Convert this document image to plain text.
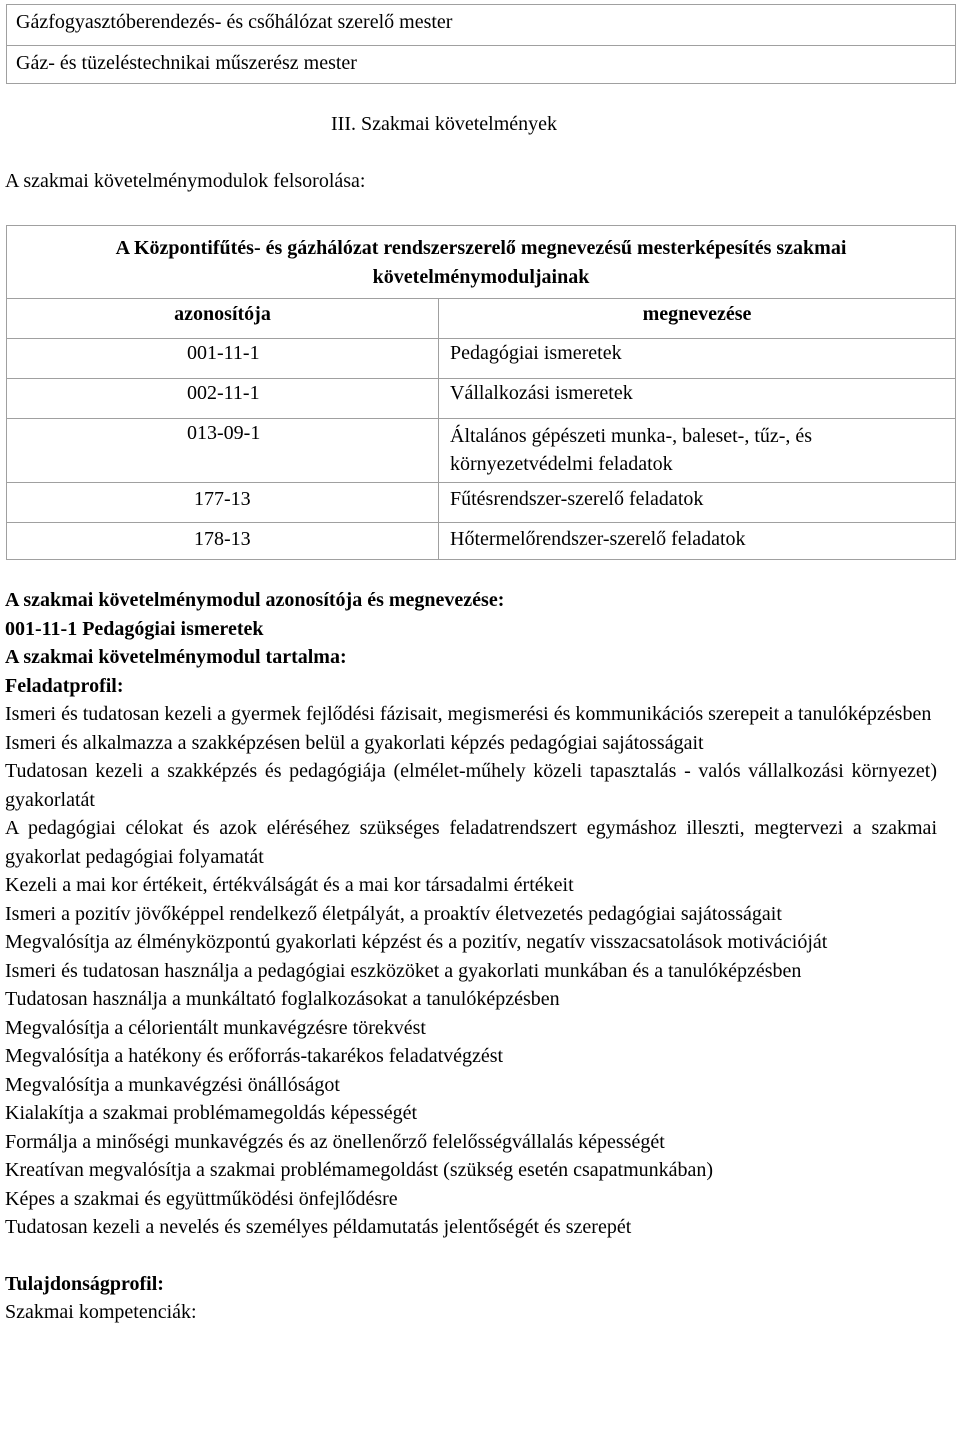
Gázfogyasztóberendezés- és csőhálózat szerelő mester
Gáz- és tüzeléstechnikai műszerész mester
III. Szakmai követelmények
A szakmai követelménymodulok felsorolása:
A Központifűtés- és gázhálózat rendszerszerelő megnevezésű mesterképesítés szakmai
követelménymoduljainak
azonosítója	megnevezése
001-11-1	Pedagógiai ismeretek
002-11-1	Vállalkozási ismeretek
013-09-1	Általános gépészeti munka-, baleset-, tűz-, és
környezetvédelmi feladatok
177-13	Fűtésrendszer-szerelő feladatok
178-13	Hőtermelőrendszer-szerelő feladatok

A szakmai követelménymodul azonosítója és megnevezése:

001-11-1 Pedagógiai ismeretek

A szakmai követelménymodul tartalma:

Feladatprofil:

Ismeri és tudatosan kezeli a gyermek fejlődési fázisait, megismerési és kommunikációs szerepeit a tanulóképzésben

Ismeri és alkalmazza a szakképzésen belül a gyakorlati képzés pedagógiai sajátosságait

Tudatosan kezeli a szakképzés és pedagógiája (elmélet-műhely közeli tapasztalás - valós vállalkozási környezet) gyakorlatát

A pedagógiai célokat és azok eléréséhez szükséges feladatrendszert egymáshoz illeszti, megtervezi a szakmai gyakorlat pedagógiai folyamatát

Kezeli a mai kor értékeit, értékválságát és a mai kor társadalmi értékeit

Ismeri a pozitív jövőképpel rendelkező életpályát, a proaktív életvezetés pedagógiai sajátosságait

Megvalósítja az élményközpontú gyakorlati képzést és a pozitív, negatív visszacsatolások motivációját

Ismeri és tudatosan használja a pedagógiai eszközöket a gyakorlati munkában és a tanulóképzésben

Tudatosan használja a munkáltató foglalkozásokat a tanulóképzésben

Megvalósítja a célorientált munkavégzésre törekvést

Megvalósítja a hatékony és erőforrás-takarékos feladatvégzést

Megvalósítja a munkavégzési önállóságot

Kialakítja a szakmai problémamegoldás képességét

Formálja a minőségi munkavégzés és az önellenőrző felelősségvállalás képességét

Kreatívan megvalósítja a szakmai problémamegoldást (szükség esetén csapatmunkában)

Képes a szakmai és együttműködési önfejlődésre

Tudatosan kezeli a nevelés és személyes példamutatás jelentőségét és szerepét

Tulajdonságprofil:

Szakmai kompetenciák:
